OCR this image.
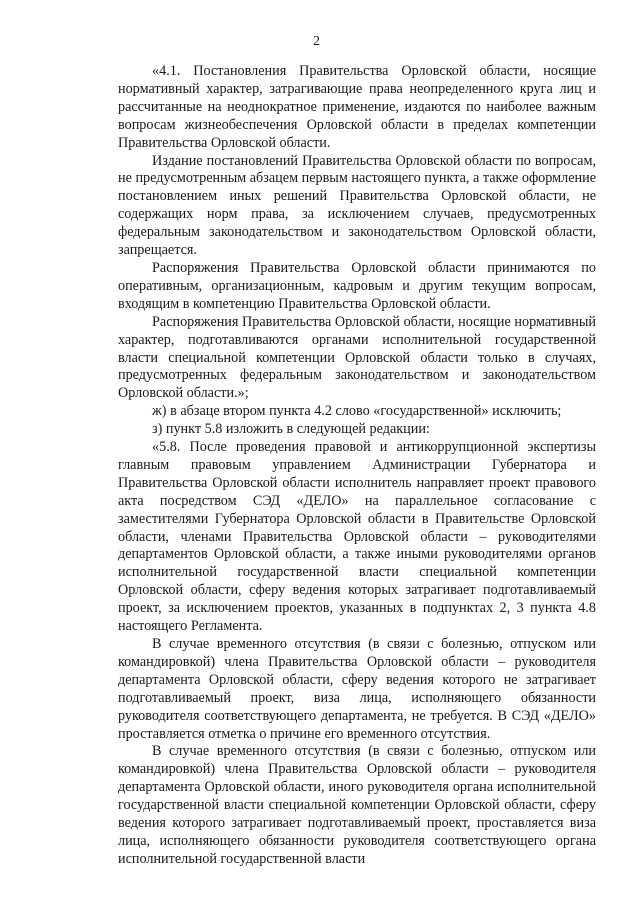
2

«4.1. Постановления Правительства Орловской области, носящие нормативный характер, затрагивающие права неопределенного круга лиц и рассчитанные на неоднократное применение, издаются по наиболее важным вопросам жизнеобеспечения Орловской области в пределах компетенции Правительства Орловской области.

Издание постановлений Правительства Орловской области по вопросам, не предусмотренным абзацем первым настоящего пункта, а также оформление постановлением иных решений Правительства Орловской области, не содержащих норм права, за исключением случаев, предусмотренных федеральным законодательством и законодательством Орловской области, запрещается.

Распоряжения Правительства Орловской области принимаются по оперативным, организационным, кадровым и другим текущим вопросам, входящим в компетенцию Правительства Орловской области.

Распоряжения Правительства Орловской области, носящие нормативный характер, подготавливаются органами исполнительной государственной власти специальной компетенции Орловской области только в случаях, предусмотренных федеральным законодательством и законодательством Орловской области.»;

ж) в абзаце втором пункта 4.2 слово «государственной» исключить;

з) пункт 5.8 изложить в следующей редакции:

«5.8. После проведения правовой и антикоррупционной экспертизы главным правовым управлением Администрации Губернатора и Правительства Орловской области исполнитель направляет проект правового акта посредством СЭД «ДЕЛО» на параллельное согласование с заместителями Губернатора Орловской области в Правительстве Орловской области, членами Правительства Орловской области – руководителями департаментов Орловской области, а также иными руководителями органов исполнительной государственной власти специальной компетенции Орловской области, сферу ведения которых затрагивает подготавливаемый проект, за исключением проектов, указанных в подпунктах 2, 3 пункта 4.8 настоящего Регламента.

В случае временного отсутствия (в связи с болезнью, отпуском или командировкой) члена Правительства Орловской области – руководителя департамента Орловской области, сферу ведения которого не затрагивает подготавливаемый проект, виза лица, исполняющего обязанности руководителя соответствующего департамента, не требуется. В СЭД «ДЕЛО» проставляется отметка о причине его временного отсутствия.

В случае временного отсутствия (в связи с болезнью, отпуском или командировкой) члена Правительства Орловской области – руководителя департамента Орловской области, иного руководителя органа исполнительной государственной власти специальной компетенции Орловской области, сферу ведения которого затрагивает подготавливаемый проект, проставляется виза лица, исполняющего обязанности руководителя соответствующего органа исполнительной государственной власти
